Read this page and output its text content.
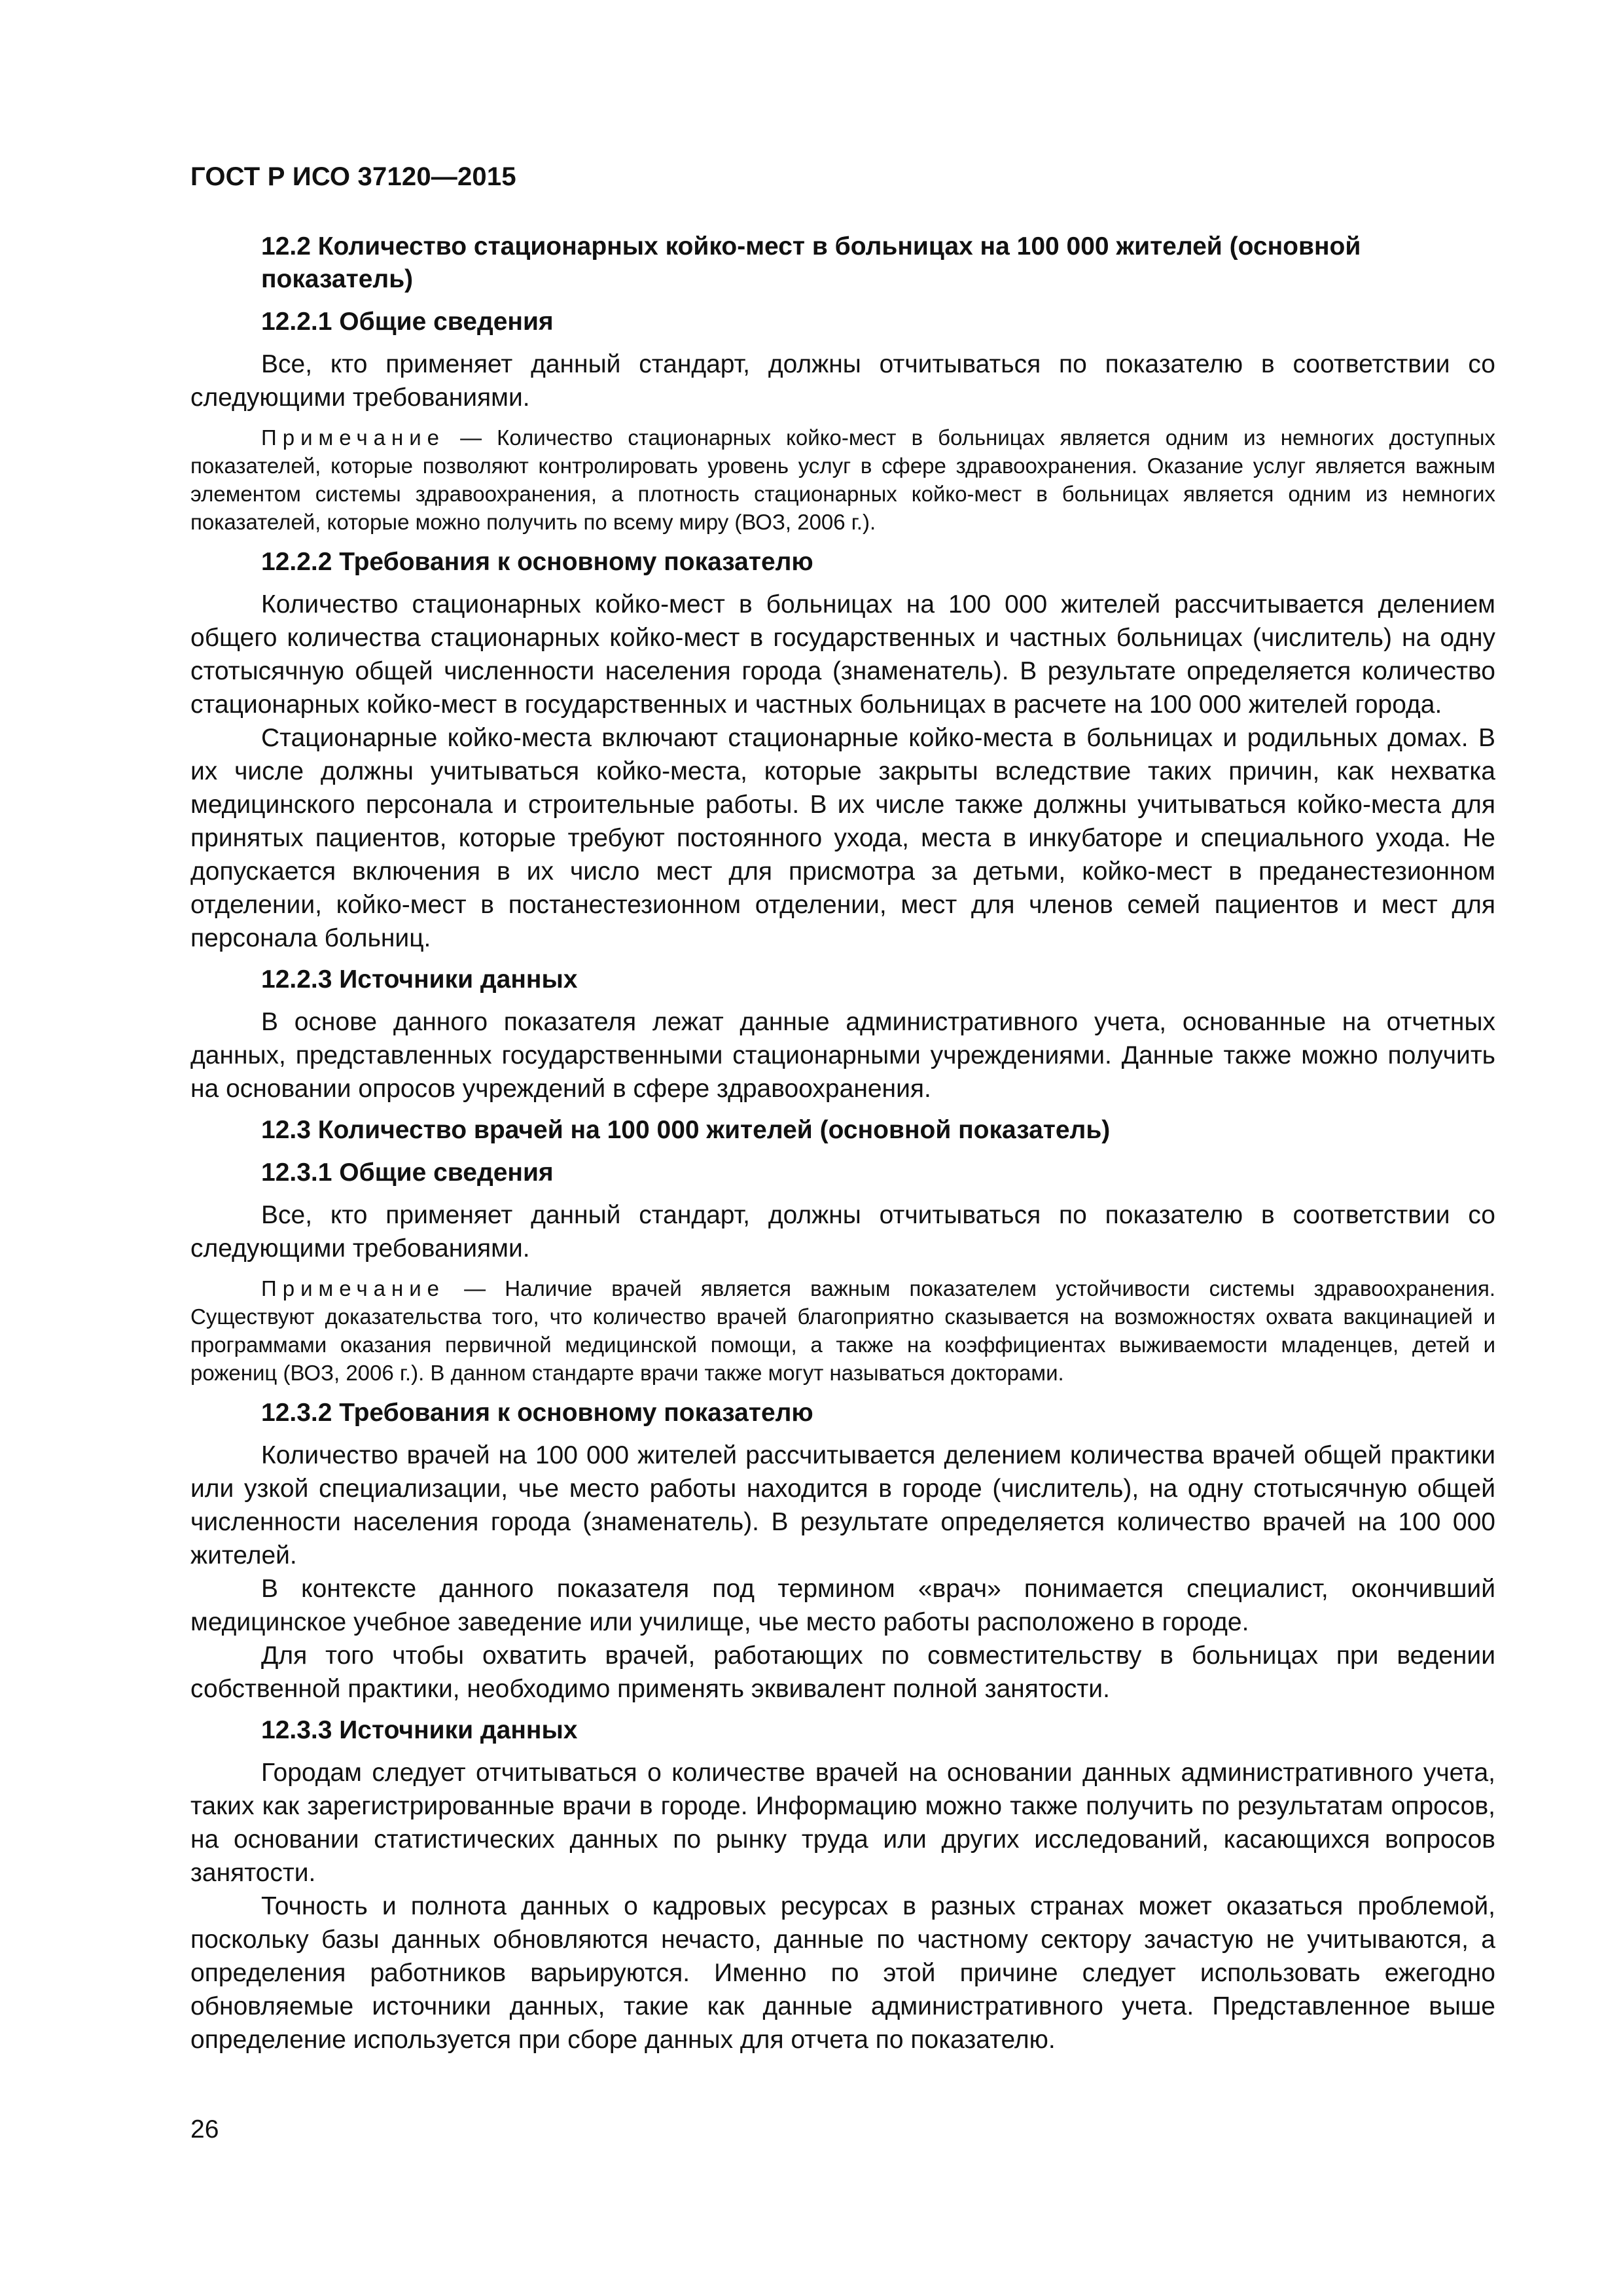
ГОСТ Р ИСО 37120—2015
12.2 Количество стационарных койко-мест в больницах на 100 000 жителей (основной
показатель)
12.2.1 Общие сведения

Все, кто применяет данный стандарт, должны отчитываться по показателю в соответствии со следующими требованиями.

Примечание — Количество стационарных койко-мест в больницах является одним из немногих доступных показателей, которые позволяют контролировать уровень услуг в сфере здравоохранения. Оказание услуг является важным элементом системы здравоохранения, а плотность стационарных койко-мест в больницах является одним из немногих показателей, которые можно получить по всему миру (ВОЗ, 2006 г.).
12.2.2 Требования к основному показателю

Количество стационарных койко-мест в больницах на 100 000 жителей рассчитывается делением общего количества стационарных койко-мест в государственных и частных больницах (числитель) на одну стотысячную общей численности населения города (знаменатель). В результате определяется количество стационарных койко-мест в государственных и частных больницах в расчете на 100 000 жителей города.

Стационарные койко-места включают стационарные койко-места в больницах и родильных домах. В их числе должны учитываться койко-места, которые закрыты вследствие таких причин, как нехватка медицинского персонала и строительные работы. В их числе также должны учитываться койко-места для принятых пациентов, которые требуют постоянного ухода, места в инкубаторе и специального ухода. Не допускается включения в их число мест для присмотра за детьми, койко-мест в преданестезионном отделении, койко-мест в постанестезионном отделении, мест для членов семей пациентов и мест для персонала больниц.

12.2.3 Источники данных

В основе данного показателя лежат данные административного учета, основанные на отчетных данных, представленных государственными стационарными учреждениями. Данные также можно получить на основании опросов учреждений в сфере здравоохранения.

12.3 Количество врачей на 100 000 жителей (основной показатель)
12.3.1 Общие сведения

Все, кто применяет данный стандарт, должны отчитываться по показателю в соответствии со следующими требованиями.

Примечание — Наличие врачей является важным показателем устойчивости системы здравоохранения. Существуют доказательства того, что количество врачей благоприятно сказывается на возможностях охвата вакцинацией и программами оказания первичной медицинской помощи, а также на коэффициентах выживаемости младенцев, детей и рожениц (ВОЗ, 2006 г.). В данном стандарте врачи также могут называться докторами.
12.3.2 Требования к основному показателю

Количество врачей на 100 000 жителей рассчитывается делением количества врачей общей практики или узкой специализации, чье место работы находится в городе (числитель), на одну стотысячную общей численности населения города (знаменатель). В результате определяется количество врачей на 100 000 жителей.

В контексте данного показателя под термином «врач» понимается специалист, окончивший медицинское учебное заведение или училище, чье место работы расположено в городе.

Для того чтобы охватить врачей, работающих по совместительству в больницах при ведении собственной практики, необходимо применять эквивалент полной занятости.

12.3.3 Источники данных

Городам следует отчитываться о количестве врачей на основании данных административного учета, таких как зарегистрированные врачи в городе. Информацию можно также получить по результатам опросов, на основании статистических данных по рынку труда или других исследований, касающихся вопросов занятости.

Точность и полнота данных о кадровых ресурсах в разных странах может оказаться проблемой, поскольку базы данных обновляются нечасто, данные по частному сектору зачастую не учитываются, а определения работников варьируются. Именно по этой причине следует использовать ежегодно обновляемые источники данных, такие как данные административного учета. Представленное выше определение используется при сборе данных для отчета по показателю.

26
